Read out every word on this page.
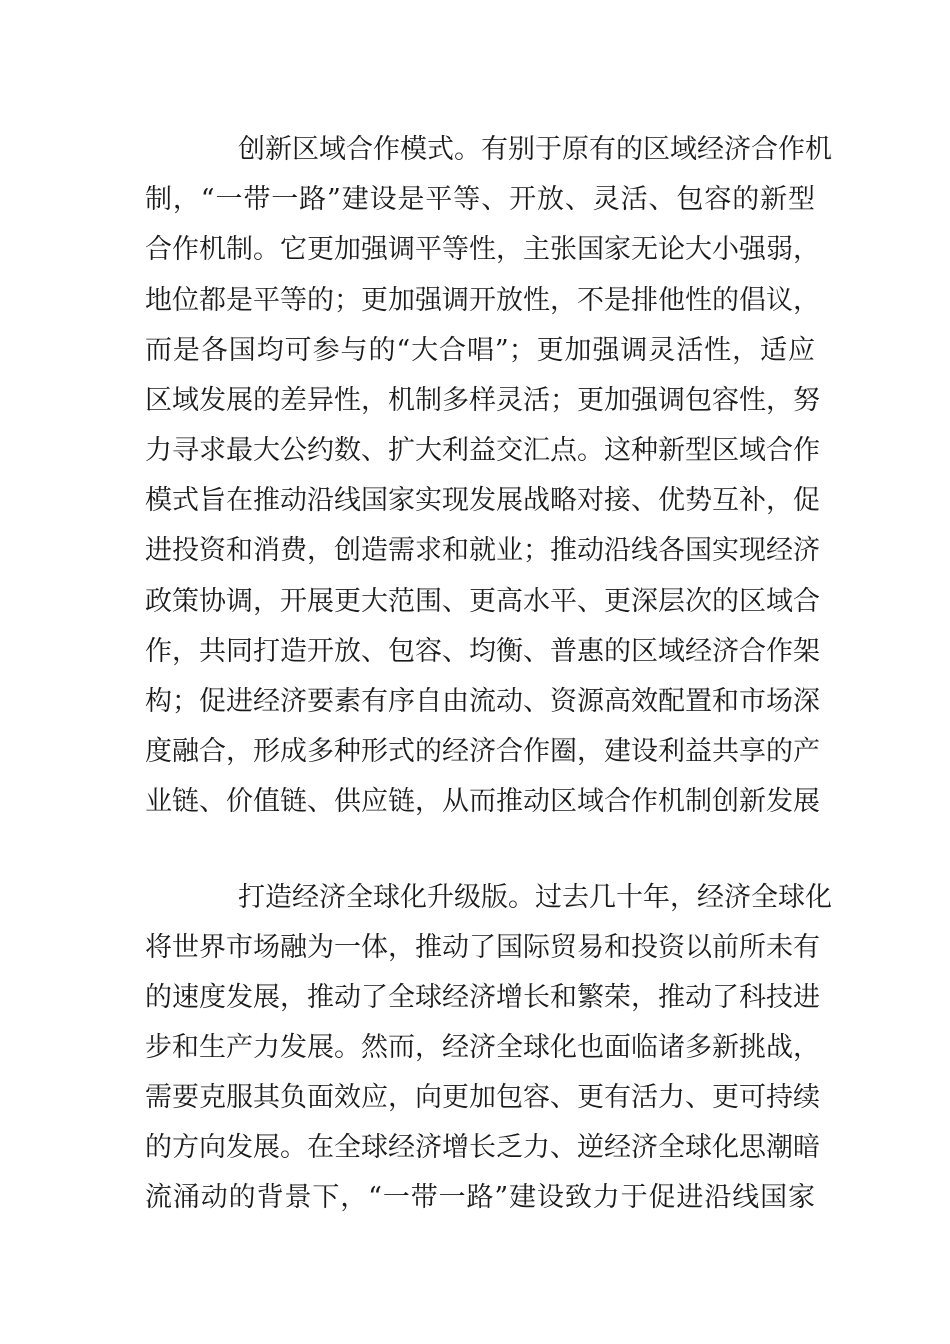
创新区域合作模式。有别于原有的区域经济合作机
制，“一带一路”建设是平等、开放、灵活、包容的新型
合作机制。它更加强调平等性，主张国家无论大小强弱，
地位都是平等的；更加强调开放性，不是排他性的倡议，
而是各国均可参与的“大合唱”；更加强调灵活性，适应
区域发展的差异性，机制多样灵活；更加强调包容性，努
力寻求最大公约数、扩大利益交汇点。这种新型区域合作
模式旨在推动沿线国家实现发展战略对接、优势互补，促
进投资和消费，创造需求和就业；推动沿线各国实现经济
政策协调，开展更大范围、更高水平、更深层次的区域合
作，共同打造开放、包容、均衡、普惠的区域经济合作架
构；促进经济要素有序自由流动、资源高效配置和市场深
度融合，形成多种形式的经济合作圈，建设利益共享的产
业链、价值链、供应链，从而推动区域合作机制创新发展
打造经济全球化升级版。过去几十年，经济全球化
将世界市场融为一体，推动了国际贸易和投资以前所未有
的速度发展，推动了全球经济增长和繁荣，推动了科技进
步和生产力发展。然而，经济全球化也面临诸多新挑战，
需要克服其负面效应，向更加包容、更有活力、更可持续
的方向发展。在全球经济增长乏力、逆经济全球化思潮暗
流涌动的背景下，“一带一路”建设致力于促进沿线国家
